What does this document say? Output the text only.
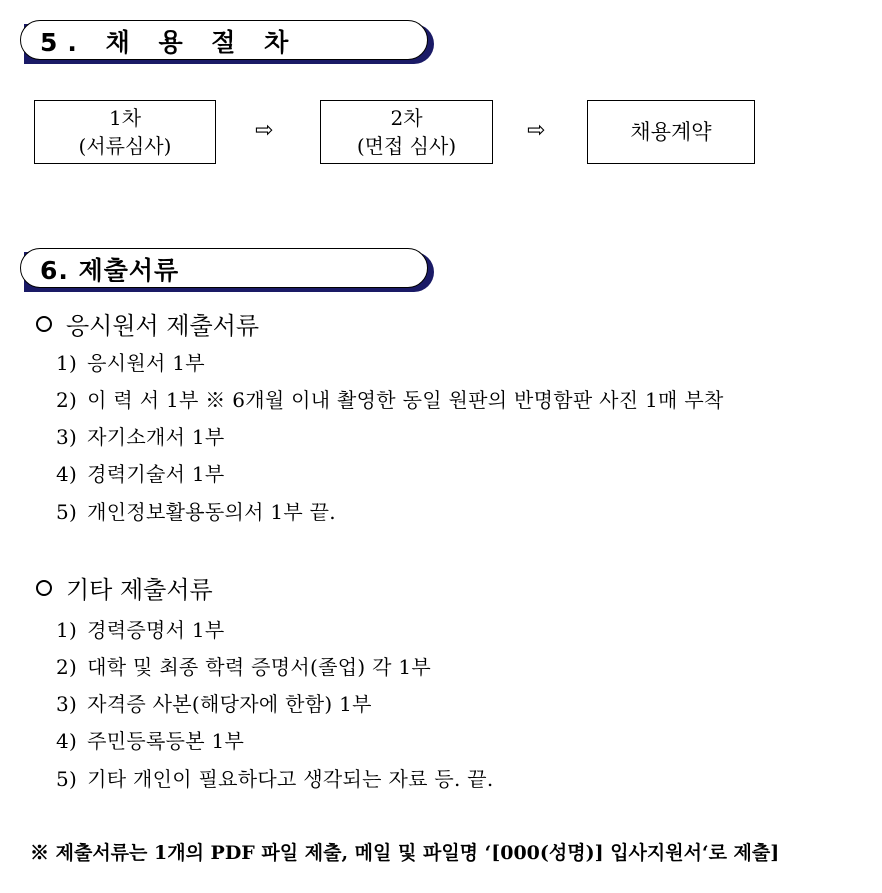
5. 채 용 절 차
1차
(서류심사)
⇨	2차
(면접 심사)
⇨	채용계약
6. 제출서류
응시원서 제출서류
1) 응시원서 1부
2) 이 력 서 1부 ※ 6개월 이내 촬영한 동일 원판의 반명함판 사진 1매 부착
3) 자기소개서 1부
4) 경력기술서 1부
5) 개인정보활용동의서 1부 끝.
기타 제출서류
1) 경력증명서 1부
2) 대학 및 최종 학력 증명서(졸업) 각 1부
3) 자격증 사본(해당자에 한함) 1부
4) 주민등록등본 1부
5) 기타 개인이 필요하다고 생각되는 자료 등. 끝.
※ 제출서류는 1개의 PDF 파일 제출, 메일 및 파일명 ‘[000(성명)] 입사지원서‘로 제출]
